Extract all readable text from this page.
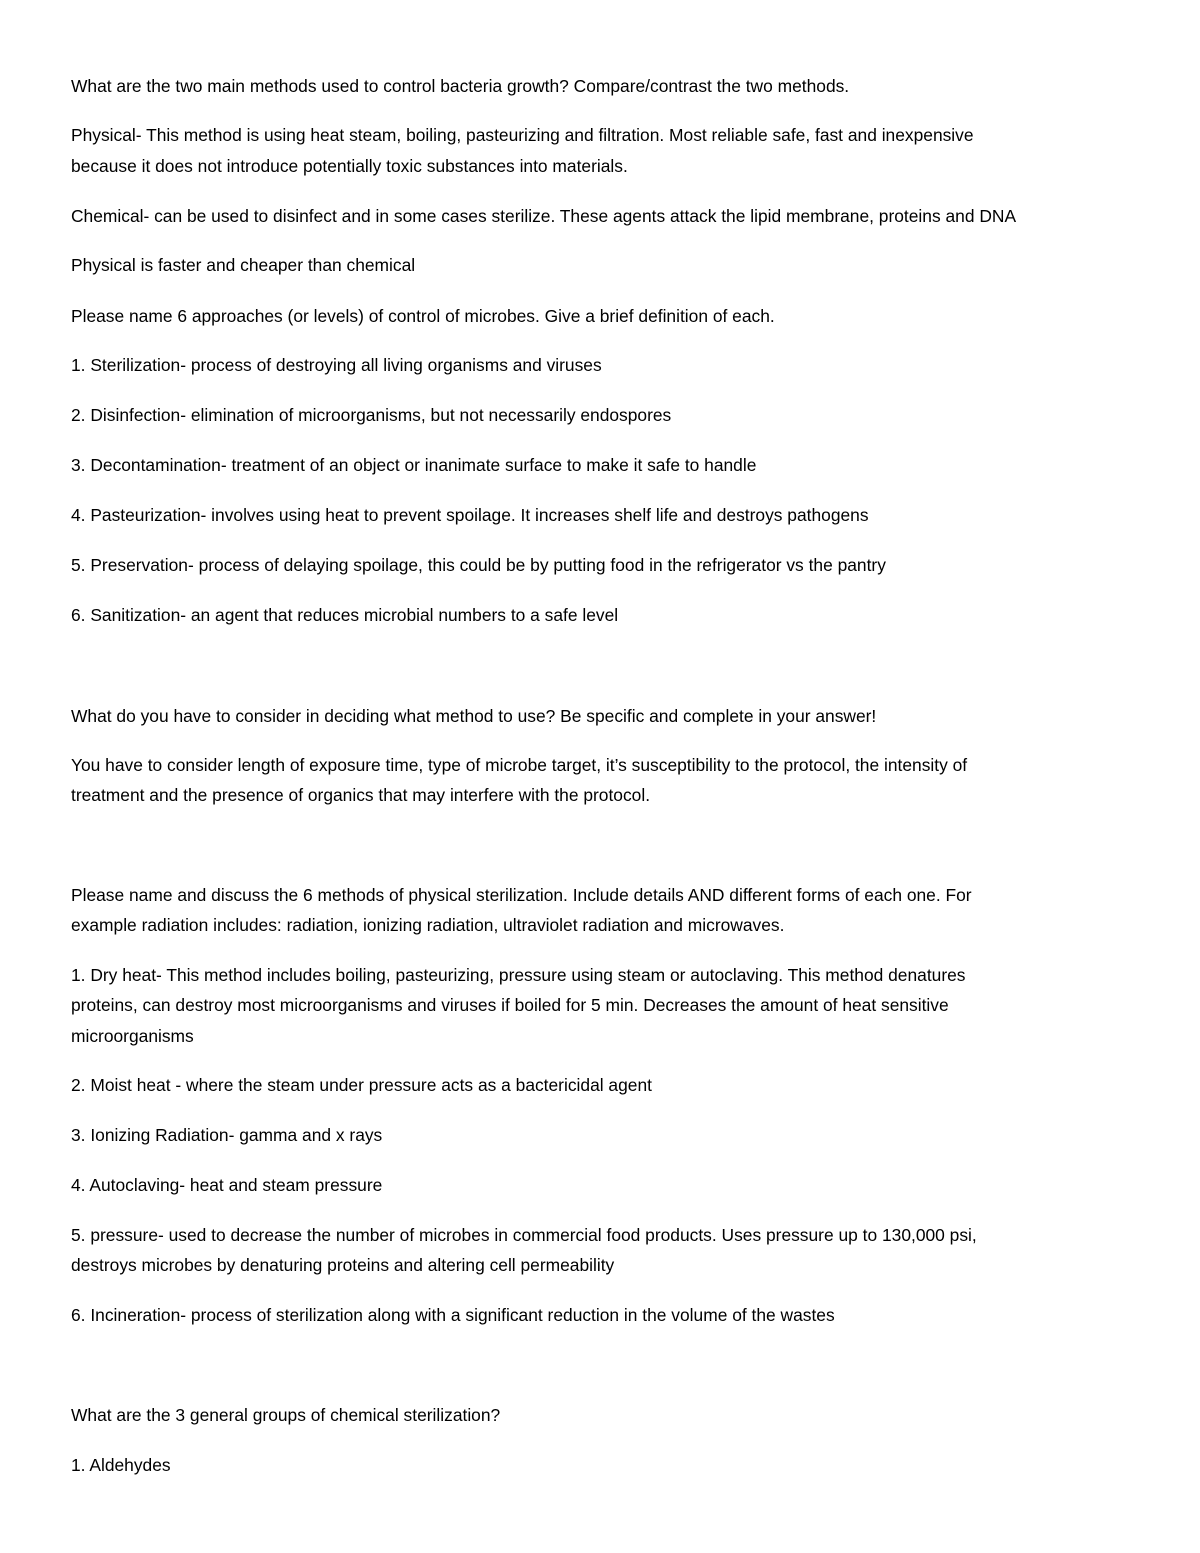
What are the two main methods used to control bacteria growth? Compare/contrast the two methods.

Physical- This method is using heat steam, boiling, pasteurizing and filtration. Most reliable safe, fast and inexpensive

because it does not introduce potentially toxic substances into materials.

Chemical- can be used to disinfect and in some cases sterilize. These agents attack the lipid membrane, proteins and DNA

Physical is faster and cheaper than chemical

Please name 6 approaches (or levels) of control of microbes. Give a brief definition of each.

1. Sterilization- process of destroying all living organisms and viruses

2. Disinfection- elimination of microorganisms, but not necessarily endospores

3. Decontamination- treatment of an object or inanimate surface to make it safe to handle

4. Pasteurization- involves using heat to prevent spoilage. It increases shelf life and destroys pathogens

5. Preservation- process of delaying spoilage, this could be by putting food in the refrigerator vs the pantry

6. Sanitization- an agent that reduces microbial numbers to a safe level

What do you have to consider in deciding what method to use? Be specific and complete in your answer!

You have to consider length of exposure time, type of microbe target, it’s susceptibility to the protocol, the intensity of

treatment and the presence of organics that may interfere with the protocol.

Please name and discuss the 6 methods of physical sterilization. Include details AND different forms of each one. For

example radiation includes: radiation, ionizing radiation, ultraviolet radiation and microwaves.

1. Dry heat- This method includes boiling, pasteurizing, pressure using steam or autoclaving. This method denatures

proteins, can destroy most microorganisms and viruses if boiled for 5 min. Decreases the amount of heat sensitive

microorganisms

2. Moist heat - where the steam under pressure acts as a bactericidal agent

3. Ionizing Radiation- gamma and x rays

4. Autoclaving- heat and steam pressure

5. pressure- used to decrease the number of microbes in commercial food products. Uses pressure up to 130,000 psi,

destroys microbes by denaturing proteins and altering cell permeability

6. Incineration- process of sterilization along with a significant reduction in the volume of the wastes

What are the 3 general groups of chemical sterilization?

1. Aldehydes
